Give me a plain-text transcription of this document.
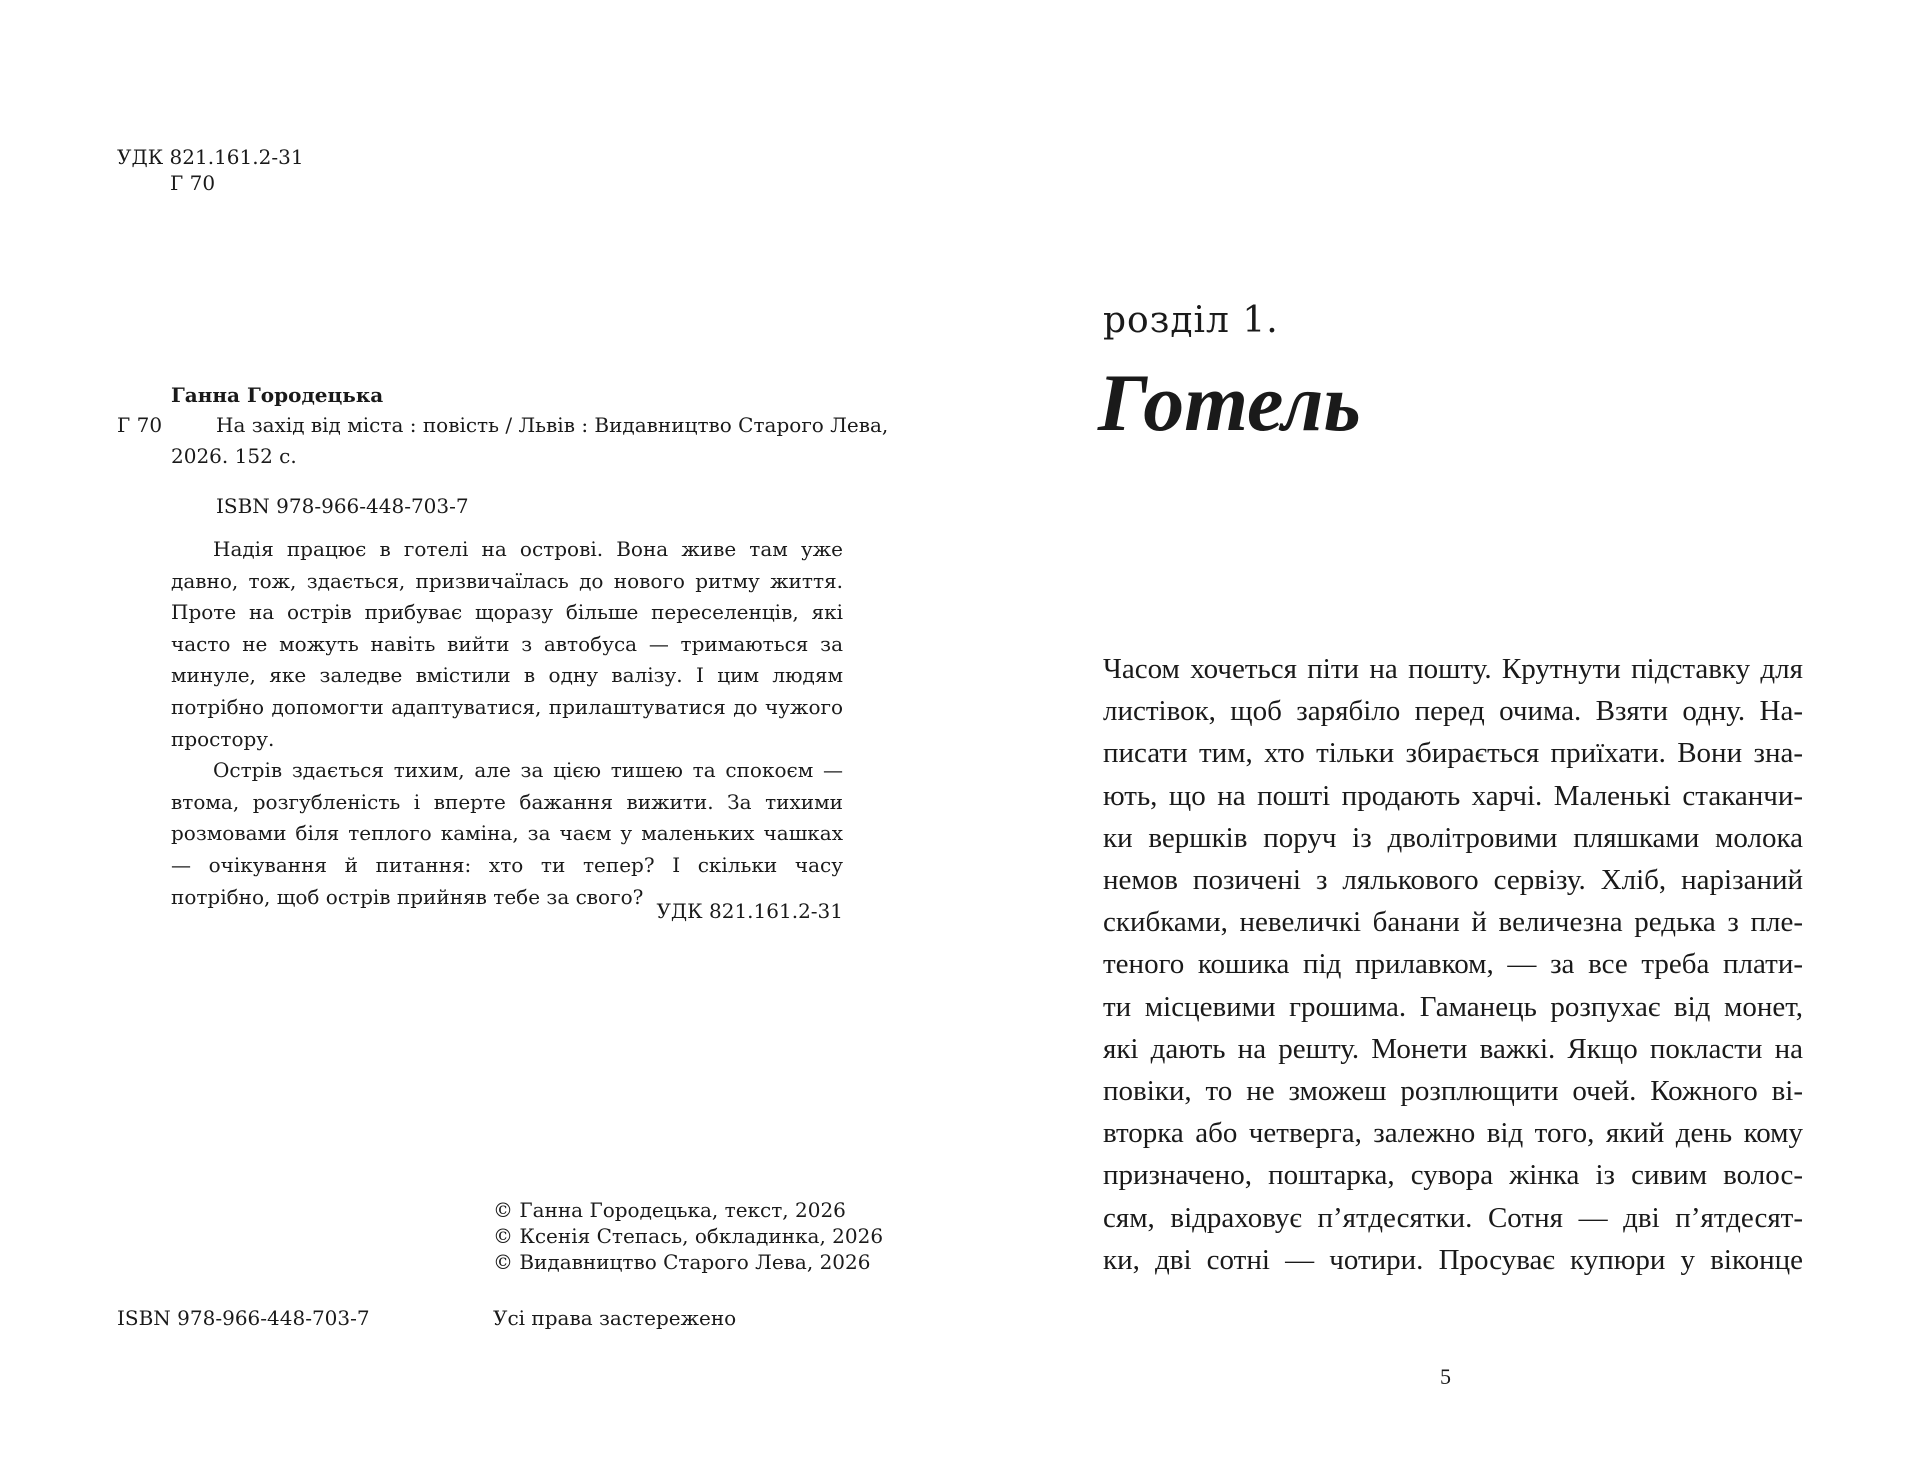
УДК 821.161.2-31
Г 70
Ганна Городецька
Г 70	На захід від міста : повість / Львів : Видавництво Старого Лева,
2026. 152 с.
ISBN 978-966-448-703-7

Надія працює в готелі на острові. Вона живе там уже давно, тож, здається, призвичаїлась до нового ритму життя. Проте на острів прибуває щоразу більше переселенців, які часто не можуть навіть вийти з автобуса — тримаються за минуле, яке заледве вмістили в одну валізу. І цим людям потрібно допомогти адаптуватися, прилаштуватися до чужого простору.

Острів здається тихим, але за цією тишею та спокоєм — втома, розгубленість і вперте бажання вижити. За тихими розмовами біля теплого каміна, за чаєм у маленьких чашках — очікування й питання: хто ти тепер? І скільки часу потрібно, щоб острів прийняв тебе за свого?

УДК 821.161.2-31
© Ганна Городецька, текст, 2026
© Ксенія Степась, обкладинка, 2026
© Видавництво Старого Лева, 2026
ISBN 978-966-448-703-7	Усі права застережено
розділ 1.
Готель
Часом хочеться піти на пошту. Крутнути підставку для
листівок, щоб зарябіло перед очима. Взяти одну. На-
писати тим, хто тільки збирається приїхати. Вони зна-
ють, що на пошті продають харчі. Маленькі стаканчи-
ки вершків поруч із дволітровими пляшками молока
немов позичені з лялькового сервізу. Хліб, нарізаний
скибками, невеличкі банани й величезна редька з пле-
теного кошика під прилавком, — за все треба плати-
ти місцевими грошима. Гаманець розпухає від монет,
які дають на решту. Монети важкі. Якщо покласти на
повіки, то не зможеш розплющити очей. Кожного ві-
вторка або четверга, залежно від того, який день кому
призначено, поштарка, сувора жінка із сивим волос-
сям, відраховує п’ятдесятки. Сотня — дві п’ятдесят-
ки, дві сотні — чотири. Просуває купюри у віконце
5
